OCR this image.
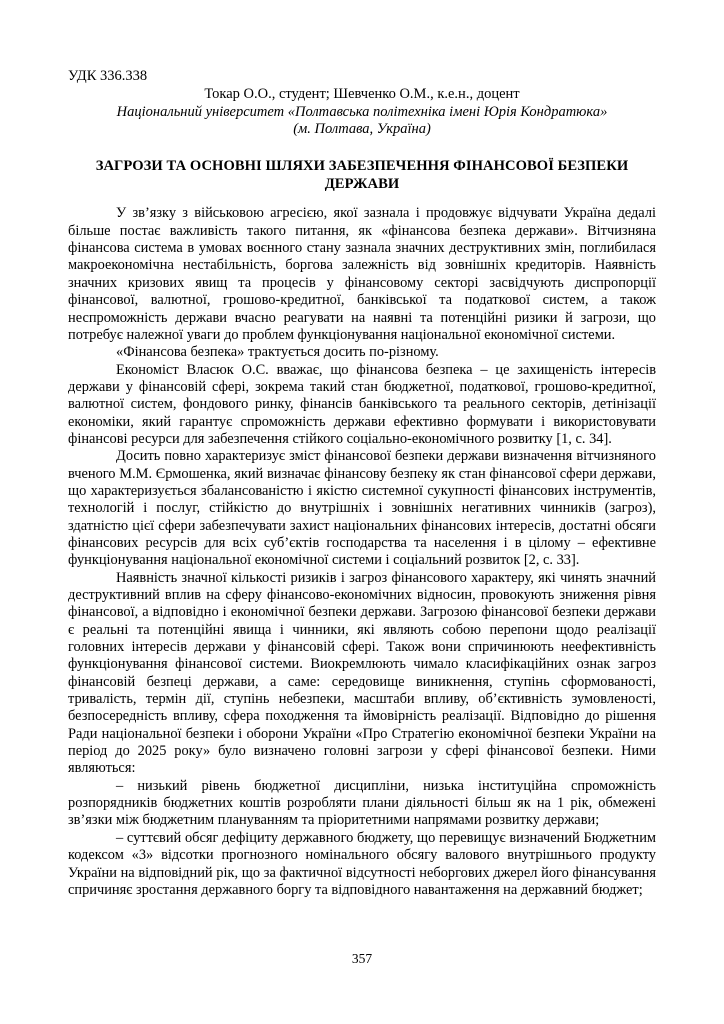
УДК 336.338
Токар О.О., студент; Шевченко О.М., к.е.н., доцент
Національний університет «Полтавська політехніка імені Юрія Кондратюка»
(м. Полтава, Україна)
ЗАГРОЗИ ТА ОСНОВНІ ШЛЯХИ ЗАБЕЗПЕЧЕННЯ ФІНАНСОВОЇ БЕЗПЕКИ ДЕРЖАВИ

У зв’язку з військовою агресією, якої зазнала і продовжує відчувати Україна дедалі більше постає важливість такого питання, як «фінансова безпека держави». Вітчизняна фінансова система в умовах воєнного стану зазнала значних деструктивних змін, поглибилася макроекономічна нестабільність, боргова залежність від зовнішніх кредиторів. Наявність значних кризових явищ та процесів у фінансовому секторі засвідчують диспропорції фінансової, валютної, грошово-кредитної, банківської та податкової систем, а також неспроможність держави вчасно реагувати на наявні та потенційні ризики й загрози, що потребує належної уваги до проблем функціонування національної економічної системи.

«Фінансова безпека» трактується досить по-різному.

Економіст Власюк О.С. вважає, що фінансова безпека – це захищеність інтересів держави у фінансовій сфері, зокрема такий стан бюджетної, податкової, грошово-кредитної, валютної систем, фондового ринку, фінансів банківського та реального секторів, детінізації економіки, який гарантує спроможність держави ефективно формувати і використовувати фінансові ресурси для забезпечення стійкого соціально-економічного розвитку [1, с. 34].

Досить повно характеризує зміст фінансової безпеки держави визначення вітчизняного вченого М.М. Єрмошенка, який визначає фінансову безпеку як стан фінансової сфери держави, що характеризується збалансованістю і якістю системної сукупності фінансових інструментів, технологій і послуг, стійкістю до внутрішніх і зовнішніх негативних чинників (загроз), здатністю цієї сфери забезпечувати захист національних фінансових інтересів, достатні обсяги фінансових ресурсів для всіх суб’єктів господарства та населення і в цілому – ефективне функціонування національної економічної системи і соціальний розвиток [2, с. 33].

Наявність значної кількості ризиків і загроз фінансового характеру, які чинять значний деструктивний вплив на сферу фінансово-економічних відносин, провокують зниження рівня фінансової, а відповідно і економічної безпеки держави. Загрозою фінансової безпеки держави є реальні та потенційні явища і чинники, які являють собою перепони щодо реалізації головних інтересів держави у фінансовій сфері. Також вони спричинюють неефективність функціонування фінансової системи. Виокремлюють чимало класифікаційних ознак загроз фінансовій безпеці держави, а саме: середовище виникнення, ступінь сформованості, тривалість, термін дії, ступінь небезпеки, масштаби впливу, об’єктивність зумовленості, безпосередність впливу, сфера походження та ймовірність реалізації. Відповідно до рішення Ради національної безпеки і оборони України «Про Стратегію економічної безпеки України на період до 2025 року» було визначено головні загрози у сфері фінансової безпеки. Ними являються:

– низький рівень бюджетної дисципліни, низька інституційна спроможність розпорядників бюджетних коштів розробляти плани діяльності більш як на 1 рік, обмежені зв’язки між бюджетним плануванням та пріоритетними напрямами розвитку держави;

– суттєвий обсяг дефіциту державного бюджету, що перевищує визначений Бюджетним кодексом «3» відсотки прогнозного номінального обсягу валового внутрішнього продукту України на відповідний рік, що за фактичної відсутності неборгових джерел його фінансування спричиняє зростання державного боргу та відповідного навантаження на державний бюджет;

357
